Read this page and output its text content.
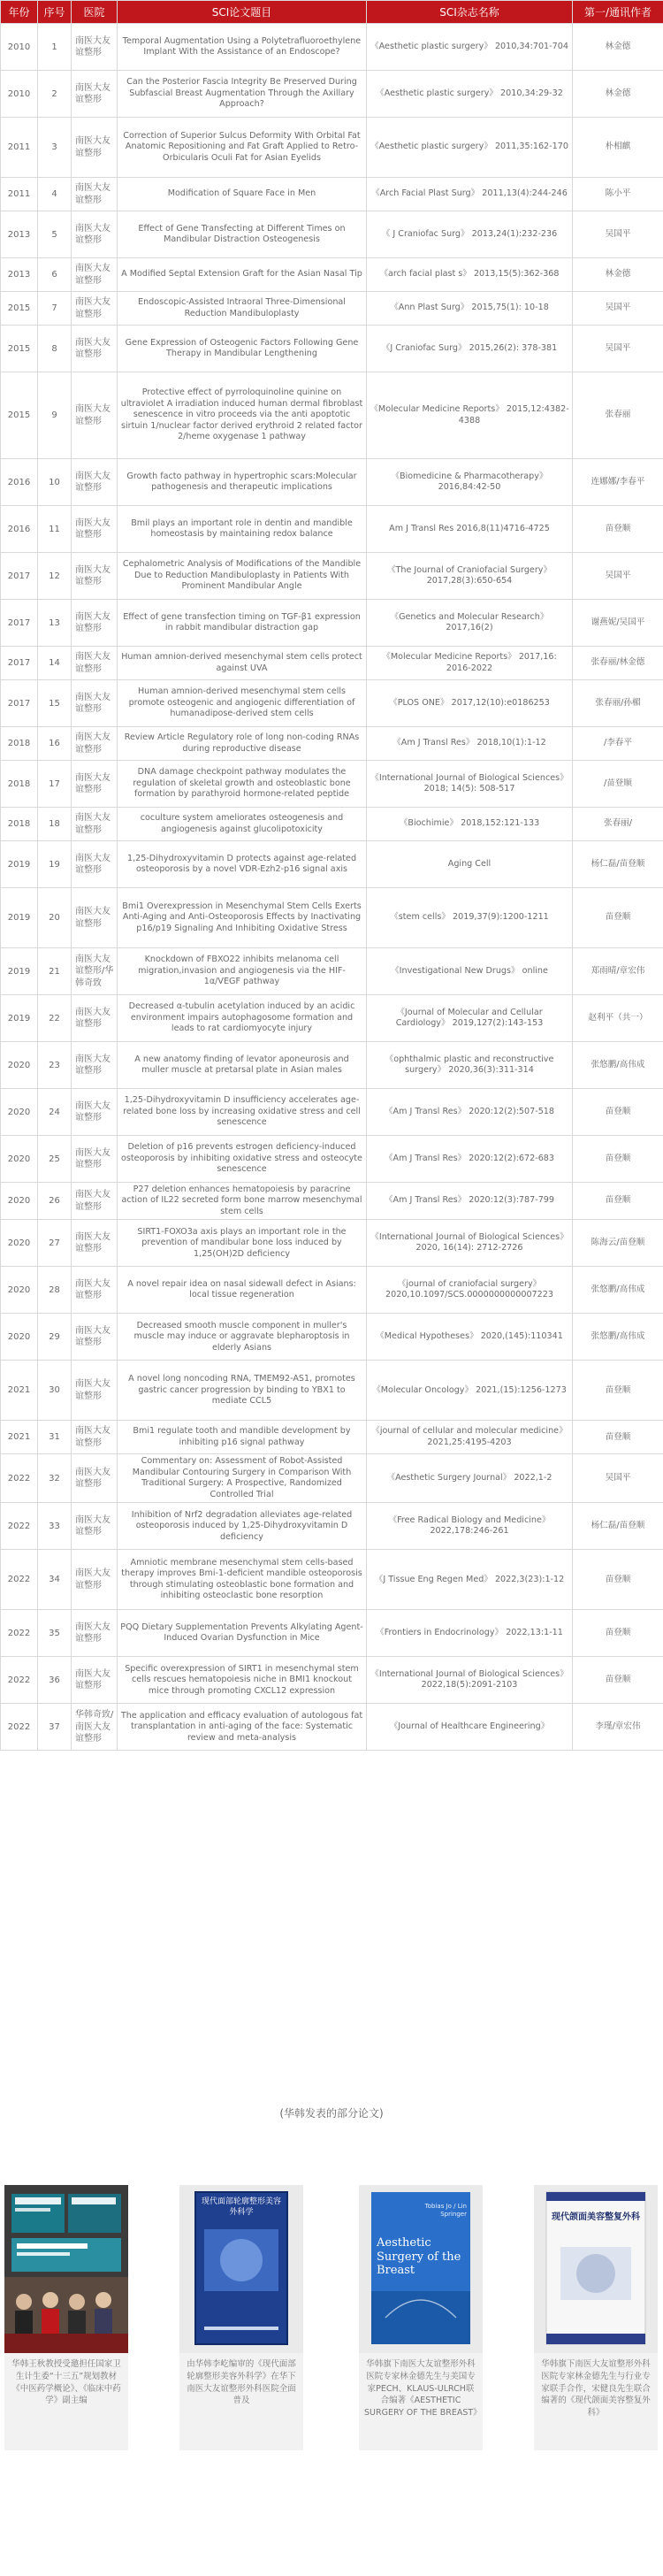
年份	序号	医院	SCI论文题目	SCI杂志名称	第一/通讯作者
2010	1	南医大友谊整形	Temporal Augmentation Using a Polytetrafluoroethylene Implant With the Assistance of an Endoscope?	《Aesthetic plastic surgery》 2010,34:701-704	林金德
2010	2	南医大友谊整形	Can the Posterior Fascia Integrity Be Preserved During Subfascial Breast Augmentation Through the Axillary Approach?	《Aesthetic plastic surgery》 2010,34:29-32	林金德
2011	3	南医大友谊整形	Correction of Superior Sulcus Deformity With Orbital Fat Anatomic Repositioning and Fat Graft Applied to Retro-Orbicularis Oculi Fat for Asian Eyelids	《Aesthetic plastic surgery》 2011,35:162-170	朴相麒
2011	4	南医大友谊整形	Modification of Square Face in Men	《Arch Facial Plast Surg》 2011,13(4):244-246	陈小平
2013	5	南医大友谊整形	Effect of Gene Transfecting at Different Times on Mandibular Distraction Osteogenesis	《 J Craniofac Surg》 2013,24(1):232-236	吴国平
2013	6	南医大友谊整形	A Modified Septal Extension Graft for the Asian Nasal Tip	《arch facial plast s》 2013,15(5):362-368	林金德
2015	7	南医大友谊整形	Endoscopic-Assisted Intraoral Three-Dimensional Reduction Mandibuloplasty	《Ann Plast Surg》 2015,75(1): 10-18	吴国平
2015	8	南医大友谊整形	Gene Expression of Osteogenic Factors Following Gene Therapy in Mandibular Lengthening	《J Craniofac Surg》 2015,26(2): 378-381	吴国平
2015	9	南医大友谊整形	Protective effect of pyrroloquinoline quinine on ultraviolet A irradiation induced human dermal fibroblast senescence in vitro proceeds via the anti apoptotic sirtuin 1/nuclear factor derived erythroid 2 related factor 2/heme oxygenase 1 pathway	《Molecular Medicine Reports》 2015,12:4382-4388	张春丽
2016	10	南医大友谊整形	Growth facto pathway in hypertrophic scars:Molecular pathogenesis and therapeutic implications	《Biomedicine & Pharmacotherapy》 2016,84:42-50	连娜娜/李春平
2016	11	南医大友谊整形	Bmil plays an important role in dentin and mandible homeostasis by maintaining redox balance	Am J Transl Res 2016,8(11)4716-4725	苗登顺
2017	12	南医大友谊整形	Cephalometric Analysis of Modifications of the Mandible Due to Reduction Mandibuloplasty in Patients With Prominent Mandibular Angle	《The Journal of Craniofacial Surgery》 2017,28(3):650-654	吴国平
2017	13	南医大友谊整形	Effect of gene transfection timing on TGF-β1 expression in rabbit mandibular distraction gap	《Genetics and Molecular Research》 2017,16(2)	谢燕妮/吴国平
2017	14	南医大友谊整形	Human amnion-derived mesenchymal stem cells protect against UVA	《Molecular Medicine Reports》 2017,16: 2016-2022	张春丽/林金德
2017	15	南医大友谊整形	Human amnion-derived mesenchymal stem cells promote osteogenic and angiogenic differentiation of humanadipose-derived stem cells	《PLOS ONE》 2017,12(10):e0186253	张春丽/孙楣
2018	16	南医大友谊整形	Review Article Regulatory role of long non-coding RNAs during reproductive disease	《Am J Transl Res》 2018,10(1):1-12	/李春平
2018	17	南医大友谊整形	DNA damage checkpoint pathway modulates the regulation of skeletal growth and osteoblastic bone formation by parathyroid hormone-related peptide	《International Journal of Biological Sciences》 2018; 14(5): 508-517	/苗登顺
2018	18	南医大友谊整形	coculture system ameliorates osteogenesis and angiogenesis against glucolipotoxicity	《Biochimie》 2018,152:121-133	张春丽/
2019	19	南医大友谊整形	1,25-Dihydroxyvitamin D protects against age-related osteoporosis by a novel VDR-Ezh2-p16 signal axis	Aging Cell	杨仁磊/苗登顺
2019	20	南医大友谊整形	Bmi1 Overexpression in Mesenchymal Stem Cells Exerts Anti-Aging and Anti-Osteoporosis Effects by Inactivating p16/p19 Signaling And Inhibiting Oxidative Stress	《stem cells》 2019,37(9):1200-1211	苗登顺
2019	21	南医大友谊整形/华韩奇致	Knockdown of FBXO22 inhibits melanoma cell migration,invasion and angiogenesis via the HIF-1α/VEGF pathway	《Investigational New Drugs》 online	郑雨晴/章宏伟
2019	22	南医大友谊整形	Decreased α-tubulin acetylation induced by an acidic environment impairs autophagosome formation and leads to rat cardiomyocyte injury	《Journal of Molecular and Cellular Cardiology》 2019,127(2):143-153	赵利平（共一）
2020	23	南医大友谊整形	A new anatomy finding of levator aponeurosis and muller muscle at pretarsal plate in Asian males	《ophthalmic plastic and reconstructive surgery》 2020,36(3):311-314	张悠鹏/高伟成
2020	24	南医大友谊整形	1,25-Dihydroxyvitamin D insufficiency accelerates age-related bone loss by increasing oxidative stress and cell senescence	《Am J Transl Res》 2020:12(2):507-518	苗登顺
2020	25	南医大友谊整形	Deletion of p16 prevents estrogen deficiency-induced osteoporosis by inhibiting oxidative stress and osteocyte senescence	《Am J Transl Res》 2020:12(2):672-683	苗登顺
2020	26	南医大友谊整形	P27 deletion enhances hematopoiesis by paracrine action of IL22 secreted form bone marrow mesenchymal stem cells	《Am J Transl Res》 2020:12(3):787-799	苗登顺
2020	27	南医大友谊整形	SIRT1-FOXO3a axis plays an important role in the prevention of mandibular bone loss induced by 1,25(OH)2D deficiency	《International Journal of Biological Sciences》 2020, 16(14): 2712-2726	陈海云/苗登顺
2020	28	南医大友谊整形	A novel repair idea on nasal sidewall defect in Asians: local tissue regeneration	《journal of craniofacial surgery》 2020,10.1097/SCS.0000000000007223	张悠鹏/高伟成
2020	29	南医大友谊整形	Decreased smooth muscle component in muller's muscle may induce or aggravate blepharoptosis in elderly Asians	《Medical Hypotheses》 2020,(145):110341	张悠鹏/高伟成
2021	30	南医大友谊整形	A novel long noncoding RNA, TMEM92-AS1, promotes gastric cancer progression by binding to YBX1 to mediate CCL5	《Molecular Oncology》 2021,(15):1256-1273	苗登顺
2021	31	南医大友谊整形	Bmi1 regulate tooth and mandible development by inhibiting p16 signal pathway	《journal of cellular and molecular medicine》 2021,25:4195-4203	苗登顺
2022	32	南医大友谊整形	Commentary on: Assessment of Robot-Assisted Mandibular Contouring Surgery in Comparison With Traditional Surgery: A Prospective, Randomized Controlled Trial	《Aesthetic Surgery Journal》 2022,1-2	吴国平
2022	33	南医大友谊整形	Inhibition of Nrf2 degradation alleviates age-related osteoporosis induced by 1,25-Dihydroxyvitamin D deficiency	《Free Radical Biology and Medicine》 2022,178:246-261	杨仁磊/苗登顺
2022	34	南医大友谊整形	Amniotic membrane mesenchymal stem cells-based therapy improves Bmi-1-deficient mandible osteoporosis through stimulating osteoblastic bone formation and inhibiting osteoclastic bone resorption	《J Tissue Eng Regen Med》 2022,3(23):1-12	苗登顺
2022	35	南医大友谊整形	PQQ Dietary Supplementation Prevents Alkylating Agent-Induced Ovarian Dysfunction in Mice	《Frontiers in Endocrinology》 2022,13:1-11	苗登顺
2022	36	南医大友谊整形	Specific overexpression of SIRT1 in mesenchymal stem cells rescues hematopoiesis niche in BMI1 knockout mice through promoting CXCL12 expression	《International Journal of Biological Sciences》 2022,18(5):2091-2103	苗登顺
2022	37	华韩奇致/南医大友谊整形	The application and efficacy evaluation of autologous fat transplantation in anti-aging of the face: Systematic review and meta-analysis	《Journal of Healthcare Engineering》	李瑾/章宏伟
(华韩发表的部分论文)
华韩王秋教授受邀担任国家卫生计生委“十三五”规划教材《中医药学概论》、《临床中药学》副主编
现代面部轮廓整形美容外科学
由华韩李屹编审的《现代面部轮廓整形美容外科学》在华下南医大友谊整形外科医院全面普及
Tobias Jo / Lin
Springer
Aesthetic Surgery of the Breast
华韩旗下南医大友谊整形外科医院专家林金德先生与美国专家PECH、KLAUS-ULRCH联合编著《AESTHETIC SURGERY OF THE BREAST》
现代颌面美容整复外科
华韩旗下南医大友谊整形外科医院专家林金德先生与行业专家联手合作，宋健良先生联合编著的《现代颌面美容整复外科》
